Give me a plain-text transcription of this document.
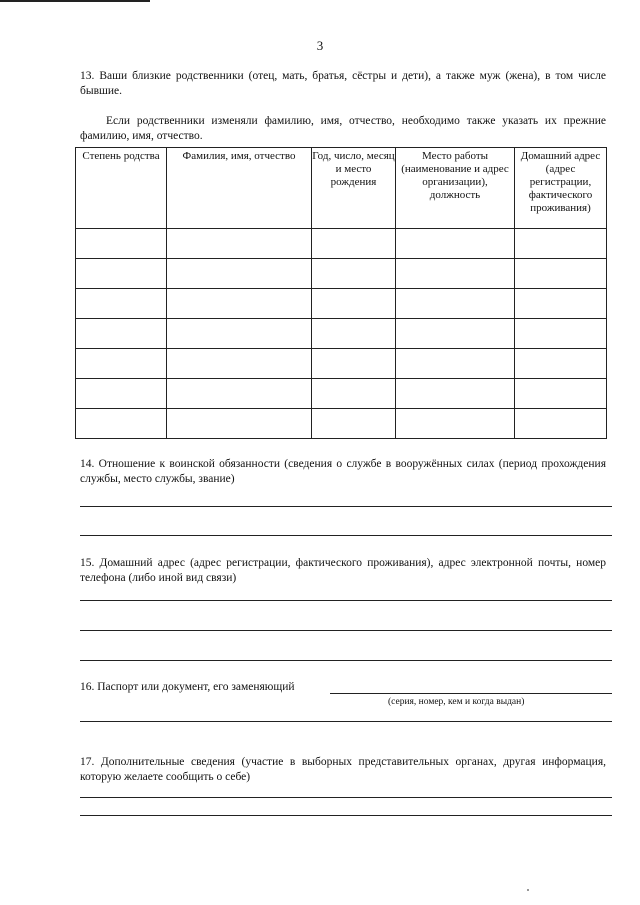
3
13. Ваши близкие родственники (отец, мать, братья, сёстры и дети), а также муж (жена), в том числе бывшие.
Если родственники изменяли фамилию, имя, отчество, необходимо также указать их прежние фамилию, имя, отчество.
Степень родства	Фамилия, имя, отчество	Год, число, месяц и место рождения	Место работы (наименование и адрес организации), должность	Домашний адрес (адрес регистрации, фактического проживания)

14. Отношение к воинской обязанности (сведения о службе в вооружённых силах (период прохождения службы, место службы, звание)
15. Домашний адрес (адрес регистрации, фактического проживания), адрес электронной почты, номер телефона (либо иной вид связи)
16. Паспорт или документ, его заменяющий
(серия, номер, кем и когда выдан)
17. Дополнительные сведения (участие в выборных представительных органах, другая информация, которую желаете сообщить о себе)
